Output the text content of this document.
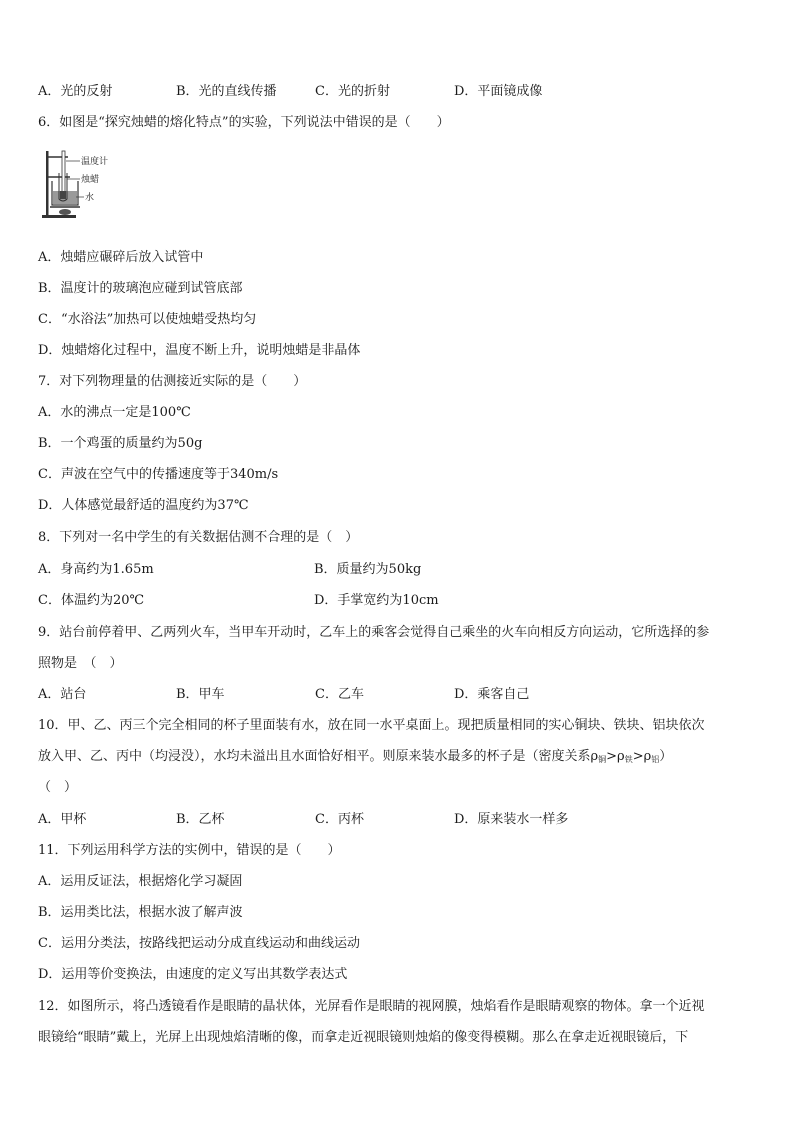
A．光的反射	B．光的直线传播	C．光的折射	D．平面镜成像
6．如图是“探究烛蜡的熔化特点”的实验，下列说法中错误的是（　　）
温度计
烛蜡
水
A．烛蜡应碾碎后放入试管中
B．温度计的玻璃泡应碰到试管底部
C．“水浴法”加热可以使烛蜡受热均匀
D．烛蜡熔化过程中，温度不断上升，说明烛蜡是非晶体
7．对下列物理量的估测接近实际的是（　　）
A．水的沸点一定是100℃
B．一个鸡蛋的质量约为50g
C．声波在空气中的传播速度等于340m/s
D．人体感觉最舒适的温度约为37℃
8．下列对一名中学生的有关数据估测不合理的是（　）
A．身高约为1.65m	B．质量约为50kg
C．体温约为20℃	D．手掌宽约为10cm
9．站台前停着甲、乙两列火车，当甲车开动时，乙车上的乘客会觉得自己乘坐的火车向相反方向运动，它所选择的参
照物是　（　）
A．站台	B．甲车	C．乙车	D．乘客自己
10．甲、乙、丙三个完全相同的杯子里面装有水，放在同一水平桌面上。现把质量相同的实心铜块、铁块、铝块依次
放入甲、乙、丙中（均浸没），水均未溢出且水面恰好相平。则原来装水最多的杯子是（密度关系$\rho_铜>\rho_铁>\rho_铝$）
（　）
A．甲杯	B．乙杯	C．丙杯	D．原来装水一样多
11．下列运用科学方法的实例中，错误的是（　　）
A．运用反证法，根据熔化学习凝固
B．运用类比法，根据水波了解声波
C．运用分类法，按路线把运动分成直线运动和曲线运动
D．运用等价变换法，由速度的定义写出其数学表达式
12．如图所示，将凸透镜看作是眼睛的晶状体，光屏看作是眼睛的视网膜，烛焰看作是眼睛观察的物体。拿一个近视
眼镜给“眼睛”戴上，光屏上出现烛焰清晰的像，而拿走近视眼镜则烛焰的像变得模糊。那么在拿走近视眼镜后，下
